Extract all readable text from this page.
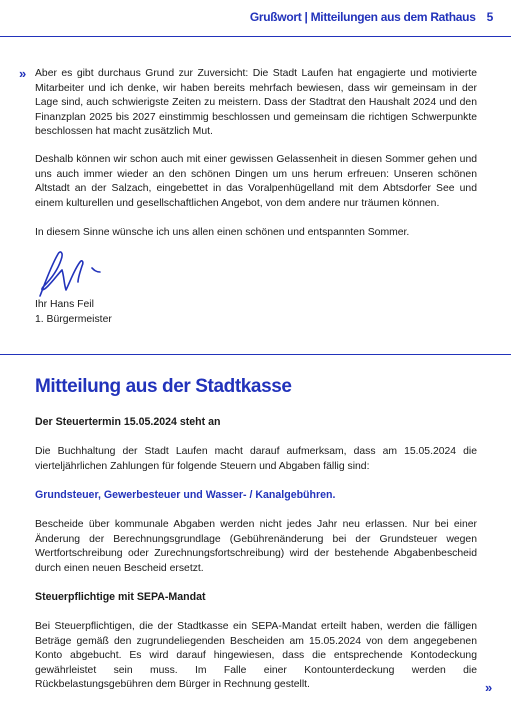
Grußwort | Mitteilungen aus dem Rathaus 5
» Aber es gibt durchaus Grund zur Zuversicht: Die Stadt Laufen hat engagierte und motivierte Mitarbeiter und ich denke, wir haben bereits mehrfach bewiesen, dass wir gemeinsam in der Lage sind, auch schwierigste Zeiten zu meistern. Dass der Stadtrat den Haushalt 2024 und den Finanzplan 2025 bis 2027 einstimmig beschlossen und gemeinsam die richtigen Schwerpunkte beschlossen hat macht zusätzlich Mut.

Deshalb können wir schon auch mit einer gewissen Gelassenheit in diesen Sommer gehen und uns auch immer wieder an den schönen Dingen um uns herum erfreuen: Unseren schönen Altstadt an der Salzach, eingebettet in das Voralpenhügelland mit dem Abtsdorfer See und einem kulturellen und gesellschaftlichen Angebot, von dem andere nur träumen können.

In diesem Sinne wünsche ich uns allen einen schönen und entspannten Sommer.

Ihr Hans Feil
1. Bürgermeister
Mitteilung aus der Stadtkasse
Der Steuertermin 15.05.2024 steht an

Die Buchhaltung der Stadt Laufen macht darauf aufmerksam, dass am 15.05.2024 die vierteljährlichen Zahlungen für folgende Steuern und Abgaben fällig sind:

Grundsteuer, Gewerbesteuer und Wasser- / Kanalgebühren.

Bescheide über kommunale Abgaben werden nicht jedes Jahr neu erlassen. Nur bei einer Änderung der Berechnungsgrundlage (Gebührenänderung bei der Grundsteuer wegen Wertfortschreibung oder Zurechnungsfortschreibung) wird der bestehende Abgabenbescheid durch einen neuen Bescheid ersetzt.

Steuerpflichtige mit SEPA-Mandat

Bei Steuerpflichtigen, die der Stadtkasse ein SEPA-Mandat erteilt haben, werden die fälligen Beträge gemäß den zugrundeliegenden Bescheiden am 15.05.2024 von dem angegebenen Konto abgebucht. Es wird darauf hingewiesen, dass die entsprechende Kontodeckung gewährleistet sein muss. Im Falle einer Kontounterdeckung werden die Rückbelastungsgebühren dem Bürger in Rechnung gestellt.	»
